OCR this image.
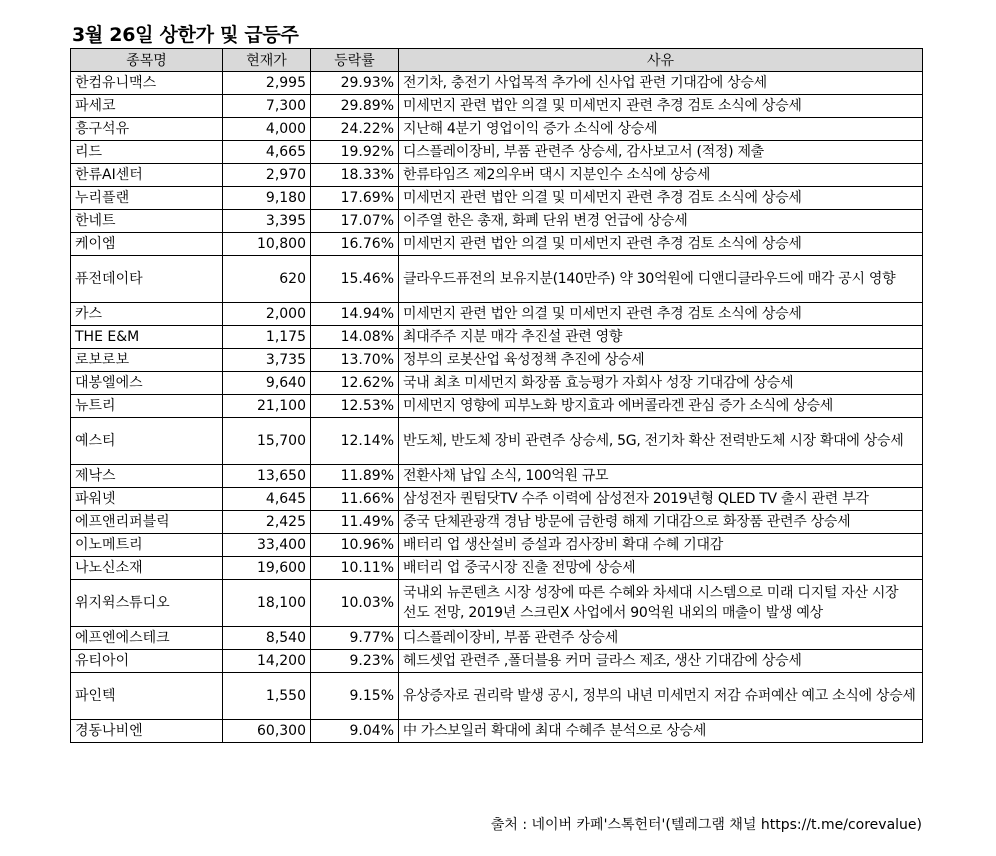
3월 26일 상한가 및 급등주
종목명	현재가	등락률	사유
한컴유니맥스	2,995	29.93%	전기차, 충전기 사업목적 추가에 신사업 관련 기대감에 상승세
파세코	7,300	29.89%	미세먼지 관련 법안 의결 및 미세먼지 관련 추경 검토 소식에 상승세
흥구석유	4,000	24.22%	지난해 4분기 영업이익 증가 소식에 상승세
리드	4,665	19.92%	디스플레이장비, 부품 관련주 상승세, 감사보고서 (적정) 제출
한류AI센터	2,970	18.33%	한류타임즈 제2의우버 댁시 지분인수 소식에 상승세
누리플랜	9,180	17.69%	미세먼지 관련 법안 의결 및 미세먼지 관련 추경 검토 소식에 상승세
한네트	3,395	17.07%	이주열 한은 총재, 화폐 단위 변경 언급에 상승세
케이엠	10,800	16.76%	미세먼지 관련 법안 의결 및 미세먼지 관련 추경 검토 소식에 상승세
퓨전데이타	620	15.46%	클라우드퓨전의 보유지분(140만주) 약 30억원에 디앤디클라우드에 매각 공시 영향
카스	2,000	14.94%	미세먼지 관련 법안 의결 및 미세먼지 관련 추경 검토 소식에 상승세
THE E&M	1,175	14.08%	최대주주 지분 매각 추진설 관련 영향
로보로보	3,735	13.70%	정부의 로봇산업 육성정책 추진에 상승세
대봉엘에스	9,640	12.62%	국내 최초 미세먼지 화장품 효능평가 자회사 성장 기대감에 상승세
뉴트리	21,100	12.53%	미세먼지 영향에 피부노화 방지효과 에버콜라겐 관심 증가 소식에 상승세
예스티	15,700	12.14%	반도체, 반도체 장비 관련주 상승세, 5G, 전기차 확산 전력반도체 시장 확대에 상승세
제낙스	13,650	11.89%	전환사채 납입 소식, 100억원 규모
파워넷	4,645	11.66%	삼성전자 퀀텀닷TV 수주 이력에 삼성전자 2019년형 QLED TV 출시 관련 부각
에프앤리퍼블릭	2,425	11.49%	중국 단체관광객 경남 방문에 금한령 해제 기대감으로 화장품 관련주 상승세
이노메트리	33,400	10.96%	배터리 업 생산설비 증설과 검사장비 확대 수혜 기대감
나노신소재	19,600	10.11%	배터리 업 중국시장 진출 전망에 상승세
위지윅스튜디오	18,100	10.03%	국내외 뉴콘텐츠 시장 성장에 따른 수혜와 차세대 시스템으로 미래 디지털 자산 시장 선도 전망, 2019년 스크린X 사업에서 90억원 내외의 매출이 발생 예상
에프엔에스테크	8,540	9.77%	디스플레이장비, 부품 관련주 상승세
유티아이	14,200	9.23%	헤드셋업 관련주 ,폴더블용 커머 글라스 제조, 생산 기대감에 상승세
파인텍	1,550	9.15%	유상증자로 권리락 발생 공시, 정부의 내년 미세먼지 저감 슈퍼예산 예고 소식에 상승세
경동나비엔	60,300	9.04%	中 가스보일러 확대에 최대 수혜주 분석으로 상승세
출처 : 네이버 카페'스톡헌터'(텔레그램 채널 https://t.me/corevalue)
